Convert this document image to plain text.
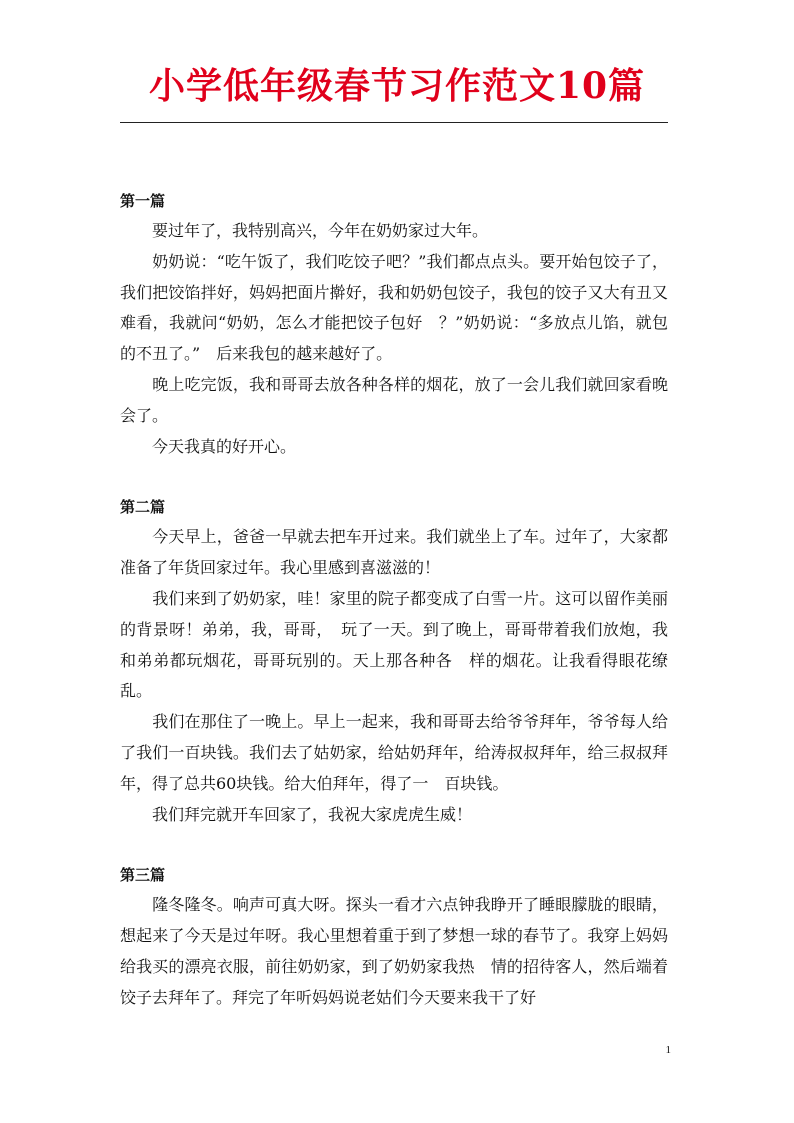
小学低年级春节习作范文10篇

第一篇

　　要过年了，我特别高兴，今年在奶奶家过大年。

　　奶奶说：“吃午饭了，我们吃饺子吧？”我们都点点头。要开始包饺子了，我们把饺馅拌好，妈妈把面片擀好，我和奶奶包饺子，我包的饺子又大有丑又难看，我就问“奶奶，怎么才能把饺子包好　？”奶奶说：“多放点儿馅，就包的不丑了。”　后来我包的越来越好了。

　　晚上吃完饭，我和哥哥去放各种各样的烟花，放了一会儿我们就回家看晚会了。

　　今天我真的好开心。

第二篇

　　今天早上，爸爸一早就去把车开过来。我们就坐上了车。过年了，大家都准备了年货回家过年。我心里感到喜滋滋的！

　　我们来到了奶奶家，哇！家里的院子都变成了白雪一片。这可以留作美丽的背景呀！弟弟，我，哥哥，　玩了一天。到了晚上，哥哥带着我们放炮，我和弟弟都玩烟花，哥哥玩别的。天上那各种各　样的烟花。让我看得眼花缭乱。

　　我们在那住了一晚上。早上一起来，我和哥哥去给爷爷拜年，爷爷每人给　了我们一百块钱。我们去了姑奶家，给姑奶拜年，给涛叔叔拜年，给三叔叔拜年，得了总共60块钱。给大伯拜年，得了一　百块钱。

　　我们拜完就开车回家了，我祝大家虎虎生威！

第三篇

　　隆冬隆冬。响声可真大呀。探头一看才六点钟我睁开了睡眼朦胧的眼睛，想起来了今天是过年呀。我心里想着重于到了梦想一球的春节了。我穿上妈妈给我买的漂亮衣服，前往奶奶家，到了奶奶家我热　情的招待客人，然后端着饺子去拜年了。拜完了年听妈妈说老姑们今天要来我干了好

1
